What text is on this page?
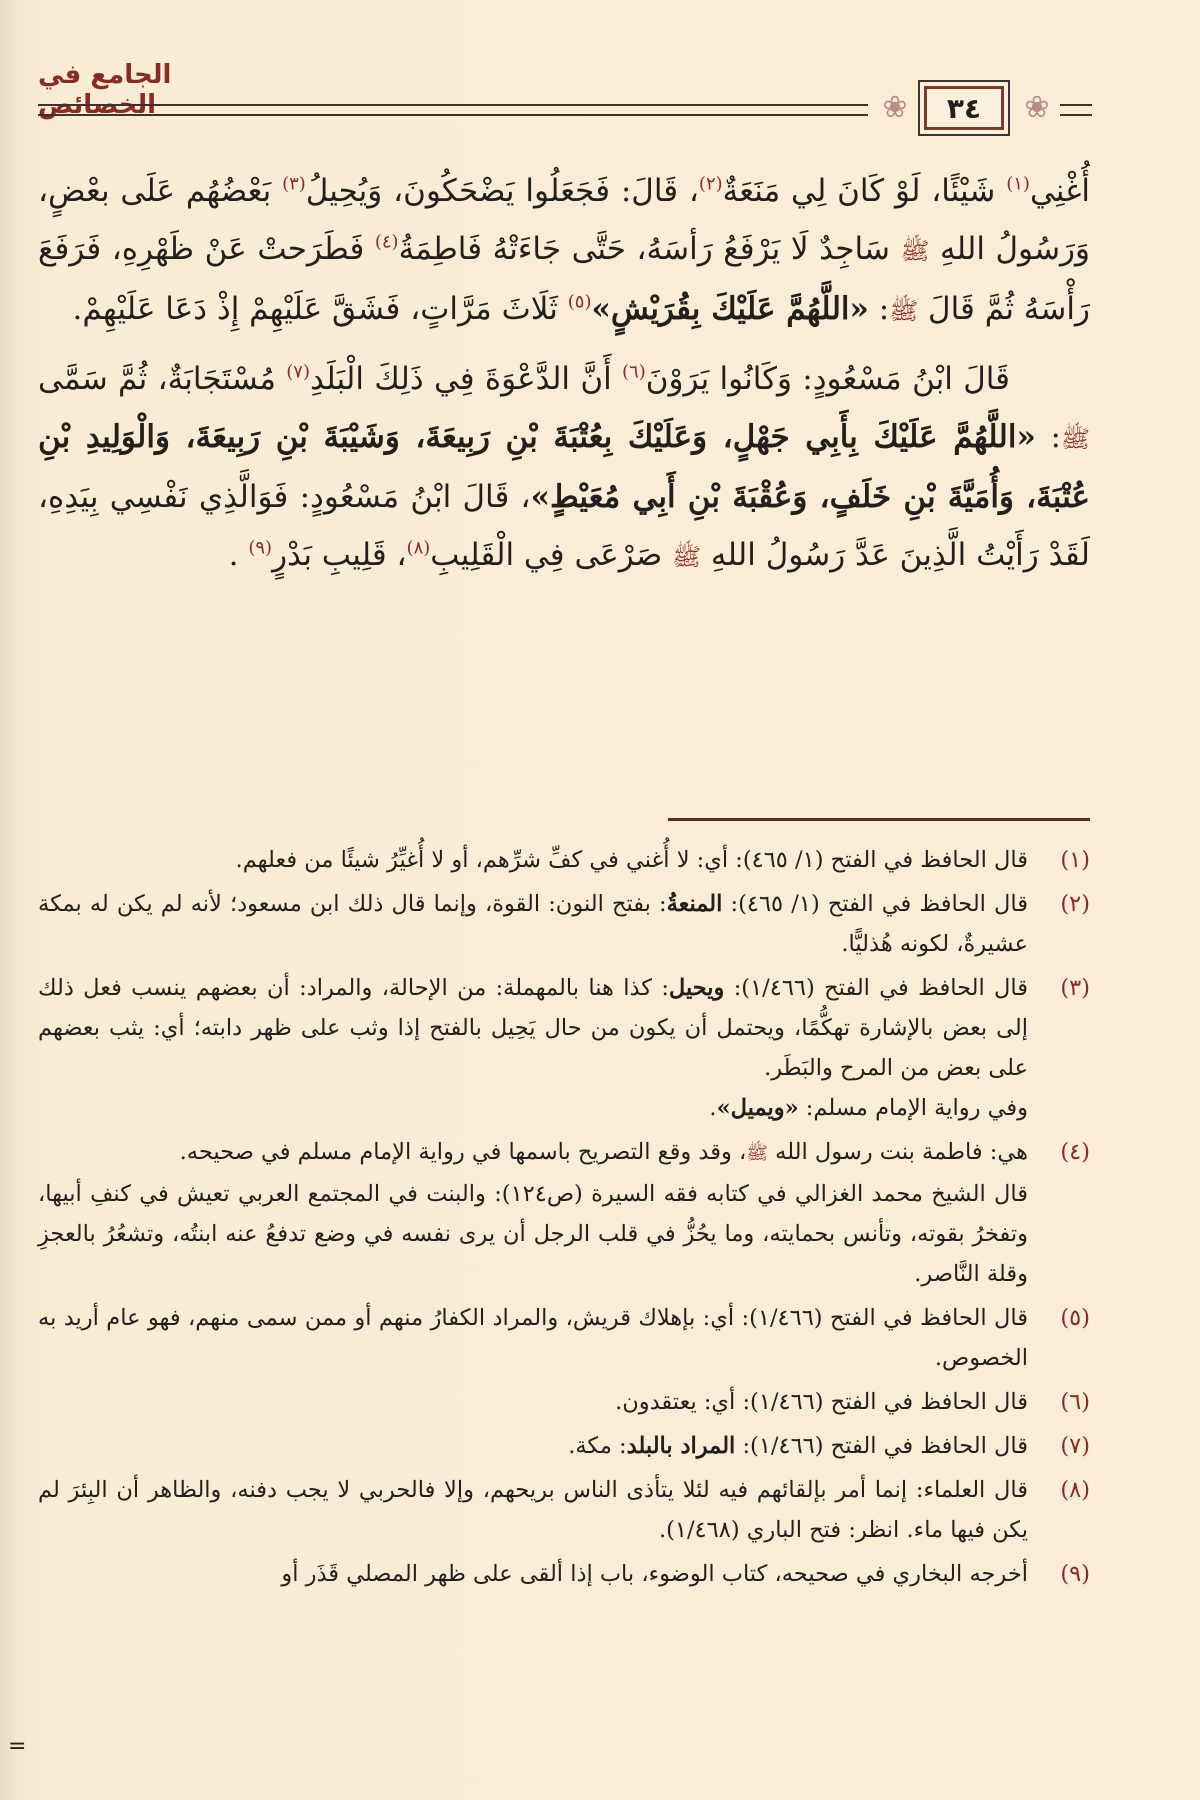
الجامع في الخصائص	❀	٣٤	❀

أُغْنِي$^{(١)}$ شَيْئًا، لَوْ كَانَ لِي مَنَعَةٌ$^{(٢)}$، قَالَ: فَجَعَلُوا يَضْحَكُونَ، وَيُحِيلُ$^{(٣)}$ بَعْضُهُم عَلَى بعْضٍ، وَرَسُولُ اللهِ ﷺ سَاجِدٌ لَا يَرْفَعُ رَأسَهُ، حَتَّى جَاءَتْهُ فَاطِمَةُ$^{(٤)}$ فَطَرَحتْ عَنْ ظَهْرِهِ، فَرَفَعَ رَأْسَهُ ثُمَّ قَالَ ﷺ: «اللَّهُمَّ عَلَيْكَ بِقُرَيْشٍ»$^{(٥)}$ ثَلَاثَ مَرَّاتٍ، فَشَقَّ عَلَيْهِمْ إِذْ دَعَا عَلَيْهِمْ.

قَالَ ابْنُ مَسْعُودٍ: وَكَانُوا يَرَوْنَ$^{(٦)}$ أَنَّ الدَّعْوَةَ فِي ذَلِكَ الْبَلَدِ$^{(٧)}$ مُسْتَجَابَةٌ، ثُمَّ سَمَّى ﷺ: «اللَّهُمَّ عَلَيْكَ بِأَبِي جَهْلٍ، وَعَلَيْكَ بِعُتْبَةَ بْنِ رَبِيعَةَ، وَشَيْبَةَ بْنِ رَبِيعَةَ، وَالْوَلِيدِ بْنِ عُتْبَةَ، وَأُمَيَّةَ بْنِ خَلَفٍ، وَعُقْبَةَ بْنِ أَبِي مُعَيْطٍ»، قَالَ ابْنُ مَسْعُودٍ: فَوَالَّذِي نَفْسِي بِيَدِهِ، لَقَدْ رَأَيْتُ الَّذِينَ عَدَّ رَسُولُ اللهِ ﷺ صَرْعَى فِي الْقَلِيبِ$^{(٨)}$، قَلِيبِ بَدْرٍ$^{(٩)}$ .

(١)

قال الحافظ في الفتح (١/ ٤٦٥): أي: لا أُغني في كفِّ شرِّهم، أو لا أُغيِّرُ شيئًا من فعلهم.

(٢)

قال الحافظ في الفتح (١/ ٤٦٥): المنعةُ: بفتح النون: القوة، وإنما قال ذلك ابن مسعود؛ لأنه لم يكن له بمكة عشيرةٌ، لكونه هُذليًّا.

(٣)

قال الحافظ في الفتح (١/٤٦٦): ويحيل: كذا هنا بالمهملة: من الإحالة، والمراد: أن بعضهم ينسب فعل ذلك إلى بعض بالإشارة تهكُّمًا، ويحتمل أن يكون من حال يَحِيل بالفتح إذا وثب على ظهر دابته؛ أي: يثب بعضهم على بعض من المرح والبَطَر.

وفي رواية الإمام مسلم: «ويميل».

(٤)

هي: فاطمة بنت رسول الله ﷺ، وقد وقع التصريح باسمها في رواية الإمام مسلم في صحيحه.

قال الشيخ محمد الغزالي في كتابه فقه السيرة (ص١٢٤): والبنت في المجتمع العربي تعيش في كنفِ أبيها، وتفخرُ بقوته، وتأنس بحمايته، وما يحُزُّ في قلب الرجل أن يرى نفسه في وضع تدفعُ عنه ابنتُه، وتشعُرُ بالعجزِ وقلة النَّاصر.

(٥)

قال الحافظ في الفتح (١/٤٦٦): أي: بإهلاك قريش، والمراد الكفارُ منهم أو ممن سمى منهم، فهو عام أريد به الخصوص.

(٦)

قال الحافظ في الفتح (١/٤٦٦): أي: يعتقدون.

(٧)

قال الحافظ في الفتح (١/٤٦٦): المراد بالبلد: مكة.

(٨)

قال العلماء: إنما أمر بإلقائهم فيه لئلا يتأذى الناس بريحهم، وإلا فالحربي لا يجب دفنه، والظاهر أن البِئرَ لم يكن فيها ماء. انظر: فتح الباري (١/٤٦٨).

(٩)

أخرجه البخاري في صحيحه، كتاب الوضوء، باب إذا ألقى على ظهر المصلي قَذَر أو

=
